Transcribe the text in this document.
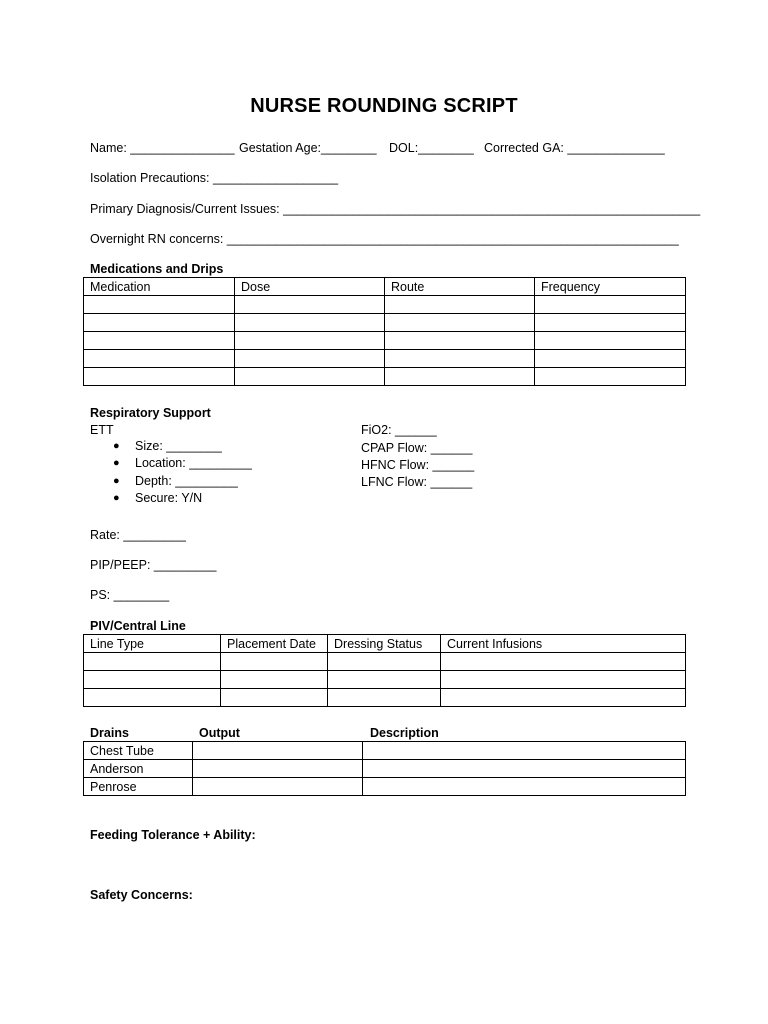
NURSE ROUNDING SCRIPT
Name: _______________ Gestation Age:________ DOL:________ Corrected GA: ______________
Isolation Precautions: __________________
Primary Diagnosis/Current Issues: ____________________________________________________________
Overnight RN concerns: _________________________________________________________________
Medications and Drips
Medication	Dose	Route	Frequency

Respiratory Support
ETT
● Size: ________
● Location: _________
● Depth: _________
● Secure: Y/N
FiO2: ______
CPAP Flow: ______
HFNC Flow: ______
LFNC Flow: ______
Rate: _________
PIP/PEEP: _________
PS: ________
PIV/Central Line
Line Type	Placement Date	Dressing Status	Current Infusions

Drains	Output	Description
Chest Tube		
Anderson		
Penrose		
Feeding Tolerance + Ability:
Safety Concerns:
